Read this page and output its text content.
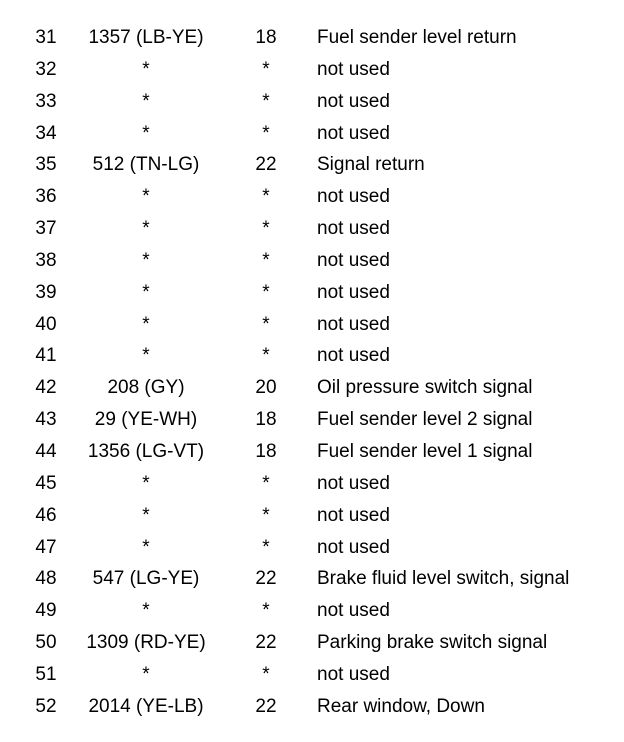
31	1357 (LB-YE)	18	Fuel sender level return
32	*	*	not used
33	*	*	not used
34	*	*	not used
35	512 (TN-LG)	22	Signal return
36	*	*	not used
37	*	*	not used
38	*	*	not used
39	*	*	not used
40	*	*	not used
41	*	*	not used
42	208 (GY)	20	Oil pressure switch signal
43	29 (YE-WH)	18	Fuel sender level 2 signal
44	1356 (LG-VT)	18	Fuel sender level 1 signal
45	*	*	not used
46	*	*	not used
47	*	*	not used
48	547 (LG-YE)	22	Brake fluid level switch, signal
49	*	*	not used
50	1309 (RD-YE)	22	Parking brake switch signal
51	*	*	not used
52	2014 (YE-LB)	22	Rear window, Down
